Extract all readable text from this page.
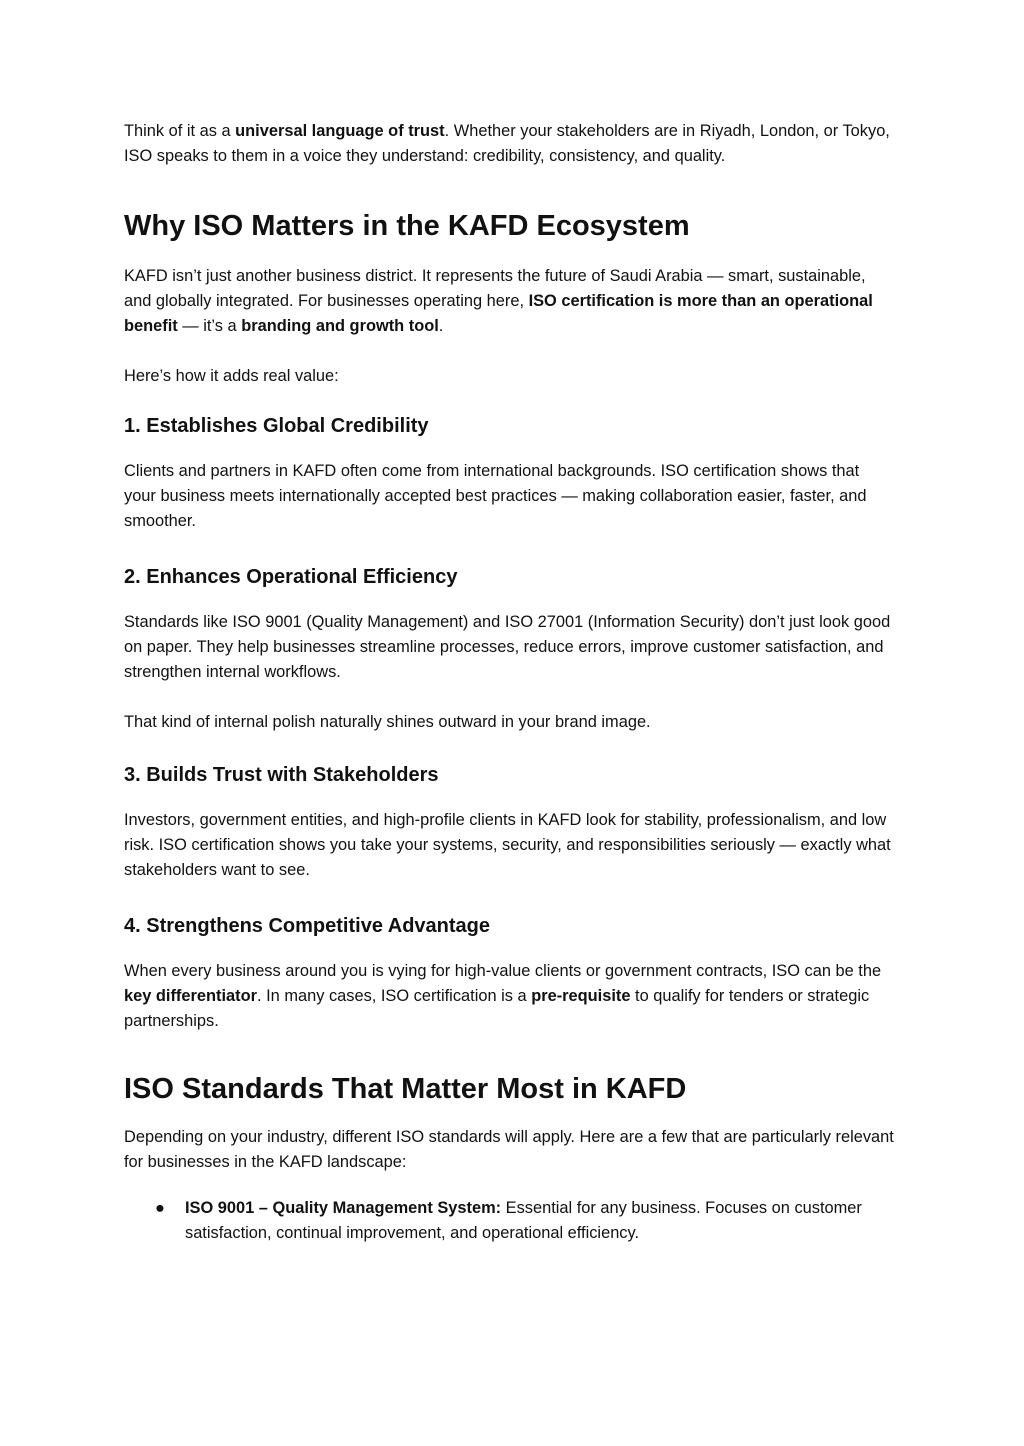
Think of it as a universal language of trust. Whether your stakeholders are in Riyadh, London, or Tokyo, ISO speaks to them in a voice they understand: credibility, consistency, and quality.

Why ISO Matters in the KAFD Ecosystem

KAFD isn’t just another business district. It represents the future of Saudi Arabia — smart, sustainable, and globally integrated. For businesses operating here, ISO certification is more than an operational benefit — it’s a branding and growth tool.

Here’s how it adds real value:

1. Establishes Global Credibility

Clients and partners in KAFD often come from international backgrounds. ISO certification shows that your business meets internationally accepted best practices — making collaboration easier, faster, and smoother.

2. Enhances Operational Efficiency

Standards like ISO 9001 (Quality Management) and ISO 27001 (Information Security) don’t just look good on paper. They help businesses streamline processes, reduce errors, improve customer satisfaction, and strengthen internal workflows.

That kind of internal polish naturally shines outward in your brand image.

3. Builds Trust with Stakeholders

Investors, government entities, and high-profile clients in KAFD look for stability, professionalism, and low risk. ISO certification shows you take your systems, security, and responsibilities seriously — exactly what stakeholders want to see.

4. Strengthens Competitive Advantage

When every business around you is vying for high-value clients or government contracts, ISO can be the key differentiator. In many cases, ISO certification is a pre-requisite to qualify for tenders or strategic partnerships.

ISO Standards That Matter Most in KAFD

Depending on your industry, different ISO standards will apply. Here are a few that are particularly relevant for businesses in the KAFD landscape:

● ISO 9001 – Quality Management System: Essential for any business. Focuses on customer satisfaction, continual improvement, and operational efficiency.
